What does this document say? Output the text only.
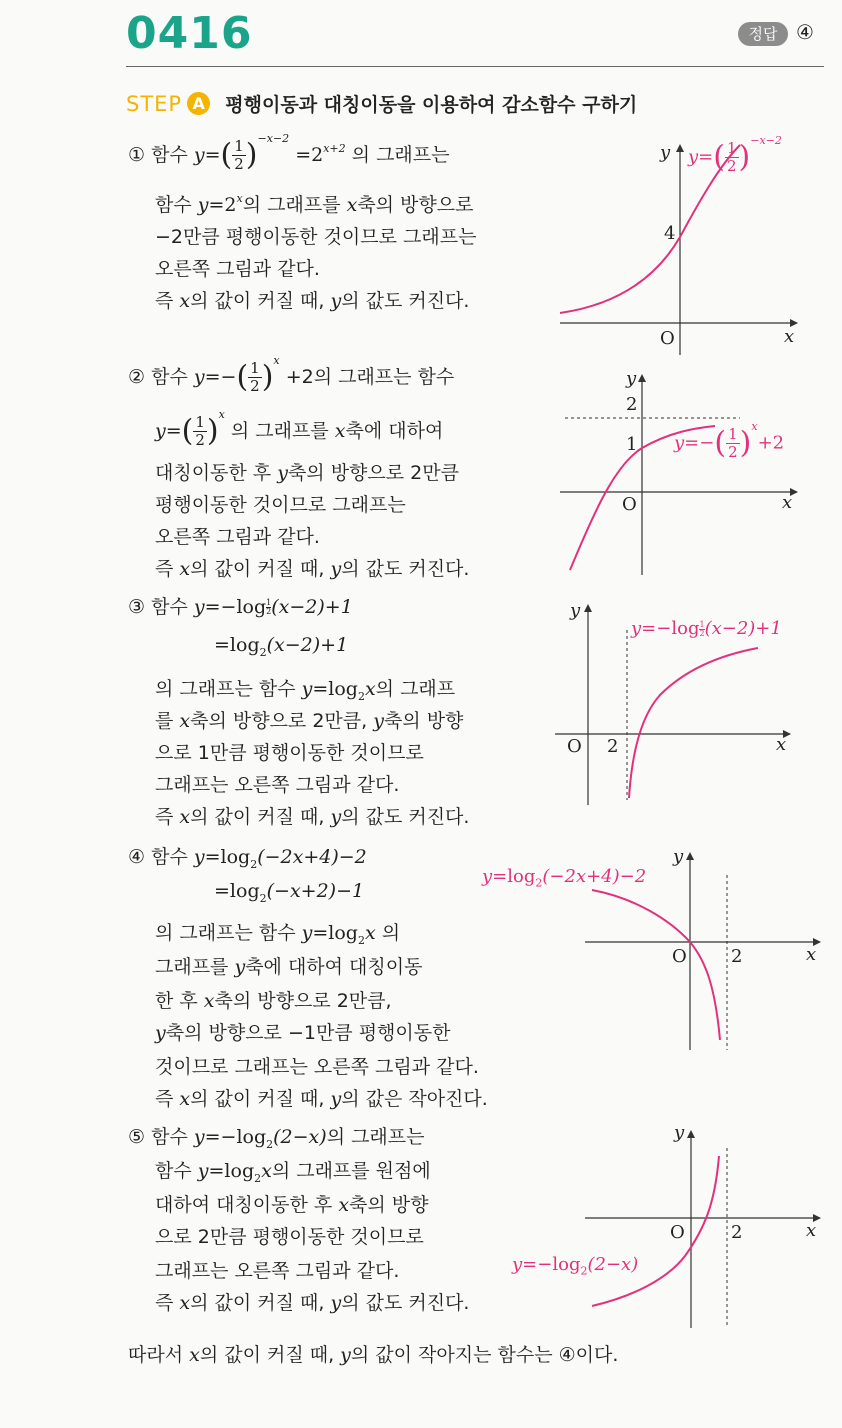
0416	정답 ④
STEP A 평행이동과 대칭이동을 이용하여 감소함수 구하기
① 함수 $y=( \frac{1}{2} )^{-x-2} =2^{x+2}$ 의 그래프는
함수 $y=2^x$의 그래프를 x축의 방향으로
−2만큼 평행이동한 것이므로 그래프는
오른쪽 그림과 같다.
즉 x의 값이 커질 때, y의 값도 커진다.
y
4
O	x
$y=( \frac{1}{2} )^{-x-2}$
② 함수 $y=-( \frac{1}{2} )^x +2$의 그래프는 함수
$y=( \frac{1}{2} )^x$ 의 그래프를 x축에 대하여
대칭이동한 후 y축의 방향으로 2만큼
평행이동한 것이므로 그래프는
오른쪽 그림과 같다.
즉 x의 값이 커질 때, y의 값도 커진다.
y
2
1
O	x
$y=-( \frac{1}{2} )^x+2$
③ 함수 $y=-\log \frac{1}{2} (x-2)+1$
$=\log_2(x-2)+1$
의 그래프는 함수 $y=\log_2x$의 그래프
를 x축의 방향으로 2만큼, y축의 방향
으로 1만큼 평행이동한 것이므로
그래프는 오른쪽 그림과 같다.
즉 x의 값이 커질 때, y의 값도 커진다.
y
O 2	x
$y=-\log \frac{1}{2} (x-2)+1$
④ 함수 $y=\log_2(-2x+4)-2$
$=\log_2(-x+2)-1$
의 그래프는 함수 $y=\log_2x$ 의
그래프를 y축에 대하여 대칭이동
한 후 x축의 방향으로 2만큼,
y축의 방향으로 −1만큼 평행이동한
것이므로 그래프는 오른쪽 그림과 같다.
즉 x의 값이 커질 때, y의 값은 작아진다.
y
O 2	x
$y=\log_2(-2x+4)-2$
⑤ 함수 $y=-\log_2(2-x)$의 그래프는
함수 $y=\log_2x$의 그래프를 원점에
대하여 대칭이동한 후 x축의 방향
으로 2만큼 평행이동한 것이므로
그래프는 오른쪽 그림과 같다.
즉 x의 값이 커질 때, y의 값도 커진다.
y
O	2	x
$y=-\log_2(2-x)$
따라서 x의 값이 커질 때, y의 값이 작아지는 함수는 ④이다.
